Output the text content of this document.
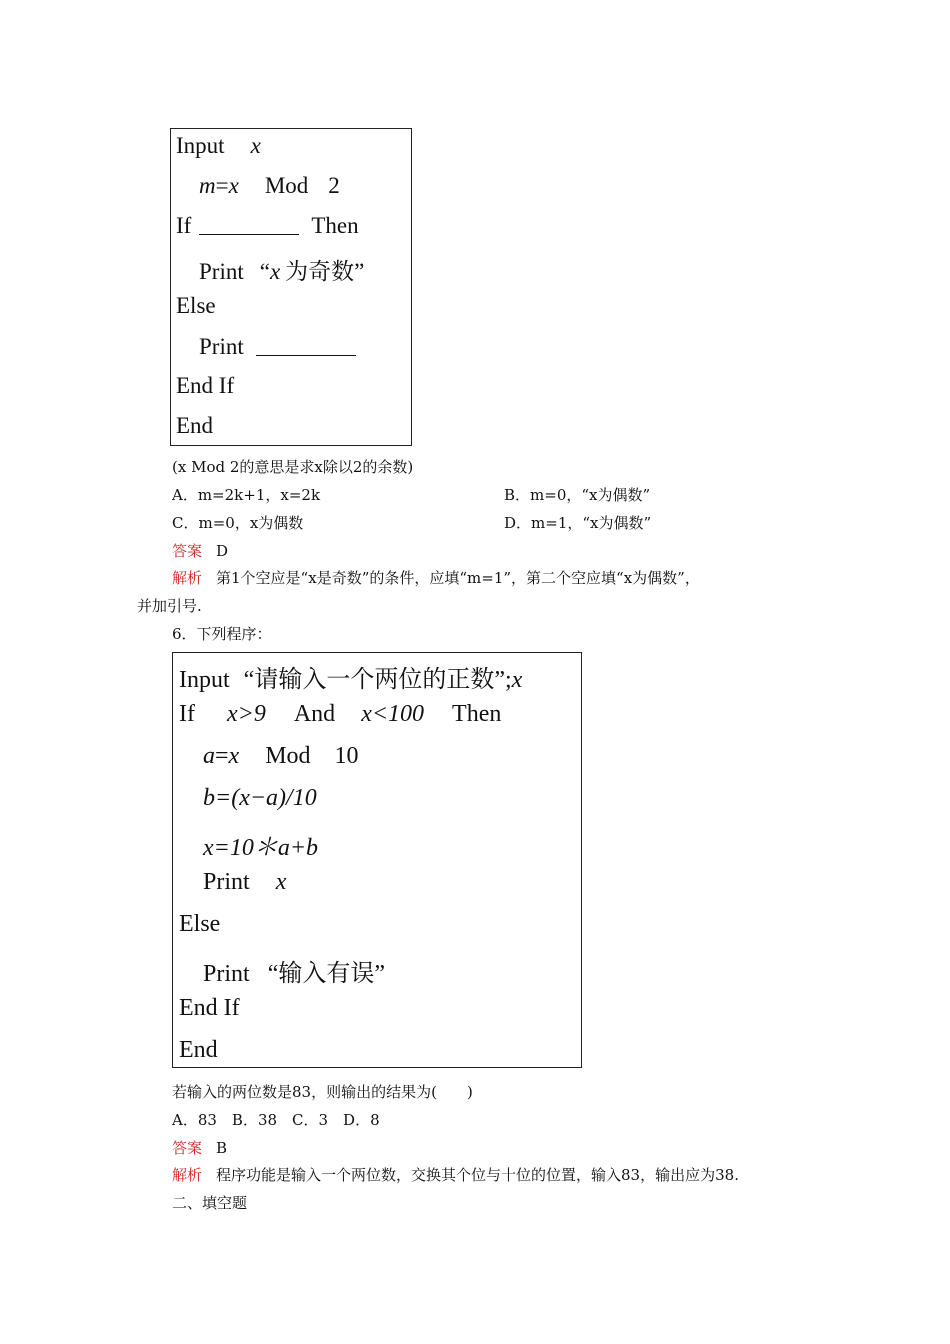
Input x
m=x Mod 2
If	Then
Print “x 为奇数”
Else
Print
End If
End
(x Mod 2的意思是求x除以2的余数)
A．m=2k+1，x=2k	B．m=0，“x为偶数”
C．m=0，x为偶数	D．m=1，“x为偶数”
答案 D
解析 第1个空应是“x是奇数”的条件，应填“m=1”，第二个空应填“x为偶数”，
并加引号.
6．下列程序：
Input “请输入一个两位的正数”;x
If x>9 And x<100 Then
a=x Mod 10
b=(x−a)/10
x=10＊a+b
Print x
Else
Print “输入有误”
End If
End
若输入的两位数是83，则输出的结果为(　　)
A．83　B．38　C．3　D．8
答案 B
解析 程序功能是输入一个两位数，交换其个位与十位的位置，输入83，输出应为38.
二、填空题
